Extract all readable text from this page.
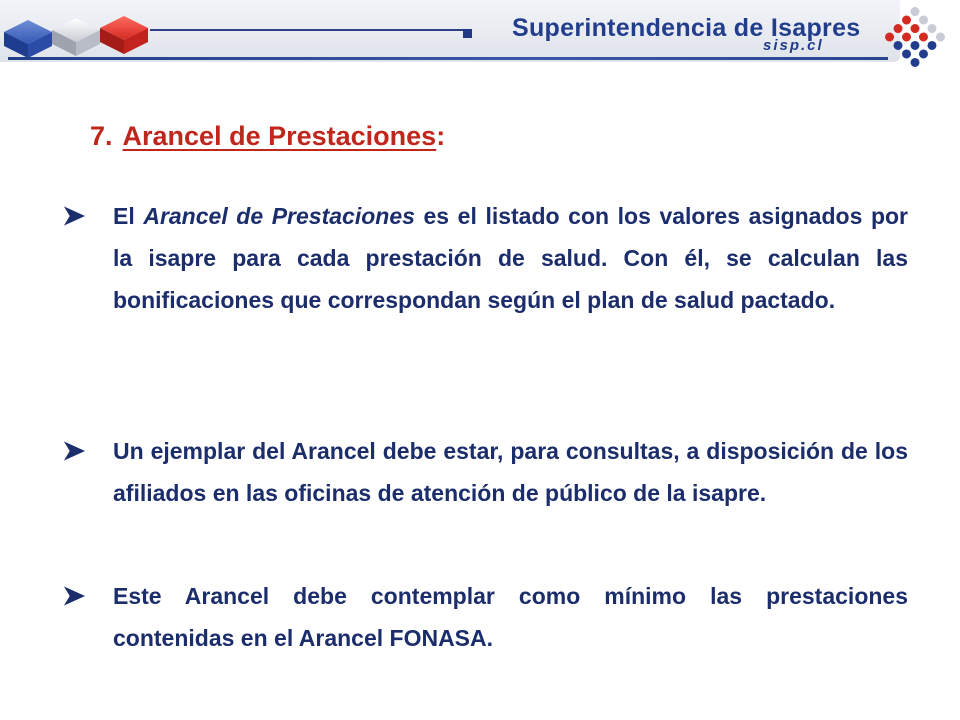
Superintendencia de Isapres
sisp.cl
7. Arancel de Prestaciones:

El Arancel de Prestaciones es el listado con los valores asignados por la isapre para cada prestación de salud. Con él, se calculan las bonificaciones que correspondan según el plan de salud pactado.

Un ejemplar del Arancel debe estar, para consultas, a disposición de los afiliados en las oficinas de atención de público de la isapre.

Este Arancel debe contemplar como mínimo las prestaciones contenidas en el Arancel FONASA.
